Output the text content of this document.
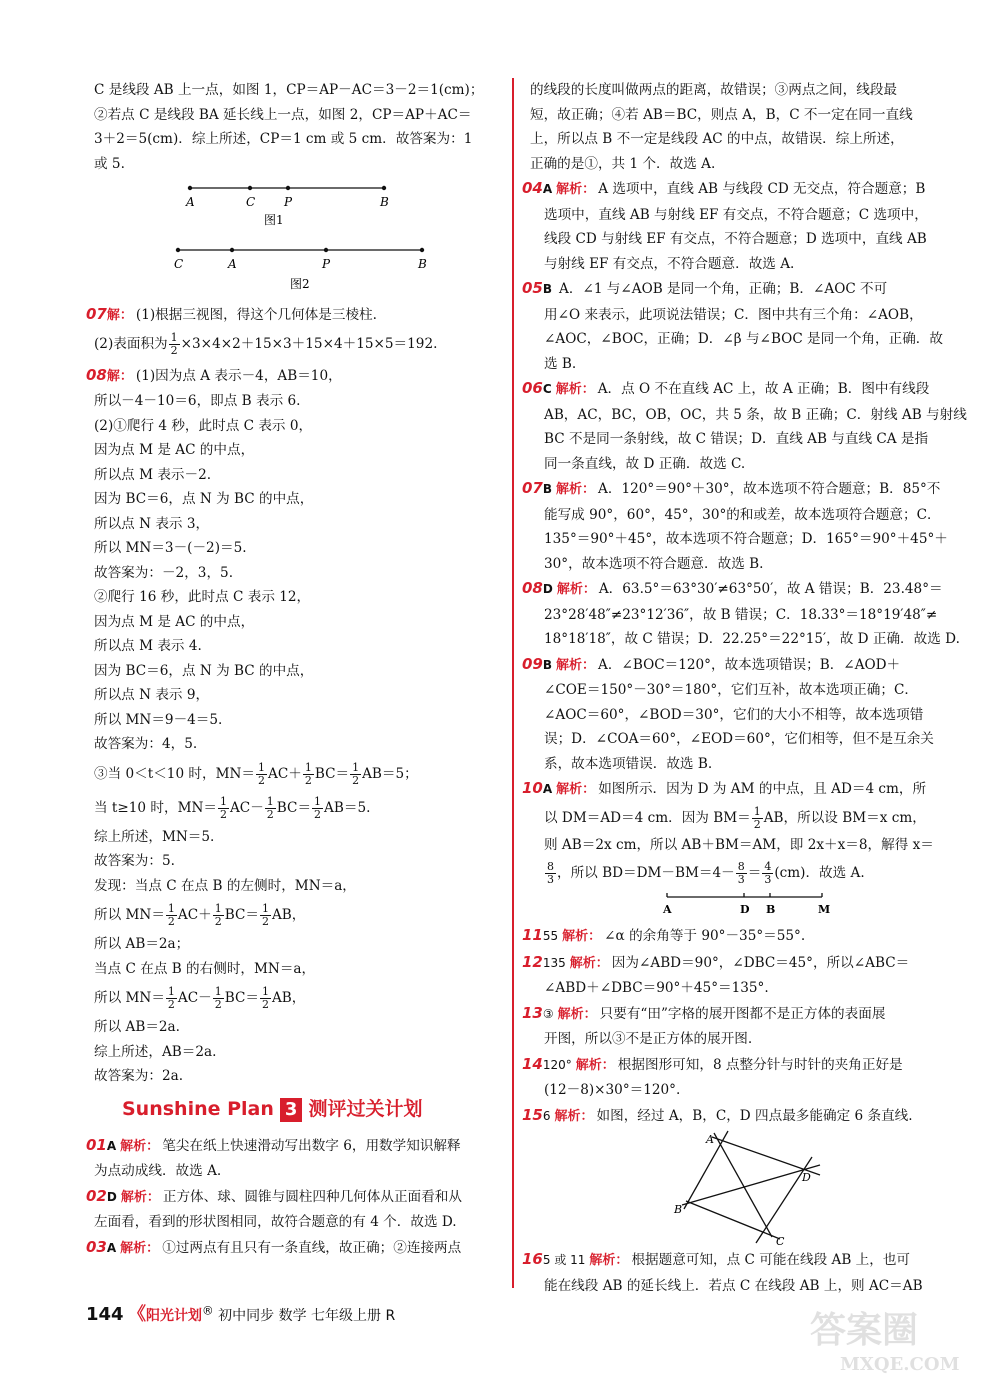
C 是线段 AB 上一点，如图 1，CP＝AP－AC＝3－2＝1(cm)；
②若点 C 是线段 BA 延长线上一点，如图 2，CP＝AP＋AC＝
3＋2＝5(cm)．综上所述，CP＝1 cm 或 5 cm．故答案为：1
或 5.
A	C P	B
图1
C	A	P	B
图2
07解： (1)根据三视图，得这个几何体是三棱柱.
(2)表面积为 $\frac{1}{2} \times 3\times 4\times 2+15\times 3+15\times 4+15\times 5=192$.
08解： (1)因为点 A 表示－4，AB＝10，
所以－4－10＝6，即点 B 表示 6.
(2)①爬行 4 秒，此时点 C 表示 0，
因为点 M 是 AC 的中点，
所以点 M 表示－2.
因为 BC＝6，点 N 为 BC 的中点，
所以点 N 表示 3，
所以 MN＝3－(－2)＝5.
故答案为：－2，3，5.
②爬行 16 秒，此时点 C 表示 12，
因为点 M 是 AC 的中点，
所以点 M 表示 4.
因为 BC＝6，点 N 为 BC 的中点，
所以点 N 表示 9，
所以 MN＝9－4＝5.
故答案为：4，5.
③当 0＜t＜10 时，$MN= \frac{1}{2} AC+ \frac{1}{2} BC= \frac{1}{2} AB=5$；
当 t≥10 时，$MN= \frac{1}{2} AC- \frac{1}{2} BC= \frac{1}{2} AB=5$.
综上所述，MN＝5.
故答案为：5.
发现：当点 C 在点 B 的左侧时，MN＝a，
所以 $MN= \frac{1}{2} AC+ \frac{1}{2} BC= \frac{1}{2}$ AB，
所以 AB＝2a；
当点 C 在点 B 的右侧时，MN＝a，
所以 $MN= \frac{1}{2} AC- \frac{1}{2} BC= \frac{1}{2}$ AB，
所以 AB＝2a.
综上所述，AB＝2a.
故答案为：2a.
Sunshine Plan 3 测评过关计划
01A 解析： 笔尖在纸上快速滑动写出数字 6，用数学知识解释
为点动成线．故选 A.
02D 解析： 正方体、球、圆锥与圆柱四种几何体从正面看和从
左面看，看到的形状图相同，故符合题意的有 4 个．故选 D.
03A 解析： ①过两点有且只有一条直线，故正确；②连接两点
的线段的长度叫做两点的距离，故错误；③两点之间，线段最
短，故正确；④若 AB＝BC，则点 A，B，C 不一定在同一直线
上，所以点 B 不一定是线段 AC 的中点，故错误．综上所述，
正确的是①，共 1 个．故选 A.
04A 解析： A 选项中，直线 AB 与线段 CD 无交点，符合题意；B
选项中，直线 AB 与射线 EF 有交点，不符合题意；C 选项中，
线段 CD 与射线 EF 有交点，不符合题意；D 选项中，直线 AB
与射线 EF 有交点，不符合题意．故选 A.
05B A．∠1 与∠AOB 是同一个角，正确；B．∠AOC 不可
用∠O 来表示，此项说法错误；C．图中共有三个角：∠AOB，
∠AOC，∠BOC，正确；D．∠β 与∠BOC 是同一个角，正确．故
选 B.
06C 解析： A．点 O 不在直线 AC 上，故 A 正确；B．图中有线段
AB，AC，BC，OB，OC，共 5 条，故 B 正确；C．射线 AB 与射线
BC 不是同一条射线，故 C 错误；D．直线 AB 与直线 CA 是指
同一条直线，故 D 正确．故选 C.
07B 解析： A．120°＝90°＋30°，故本选项不符合题意；B．85°不
能写成 90°，60°，45°，30°的和或差，故本选项符合题意；C．
135°＝90°＋45°，故本选项不符合题意；D．165°＝90°＋45°＋
30°，故本选项不符合题意．故选 B.
08D 解析： A．63.5°＝63°30′≠63°50′，故 A 错误；B．23.48°＝
23°28′48″≠23°12′36″，故 B 错误；C．18.33°＝18°19′48″≠
18°18′18″，故 C 错误；D．22.25°＝22°15′，故 D 正确．故选 D.
09B 解析： A．∠BOC＝120°，故本选项错误；B．∠AOD＋
∠COE＝150°－30°＝180°，它们互补，故本选项正确；C．
∠AOC＝60°，∠BOD＝30°，它们的大小不相等，故本选项错
误；D．∠COA＝60°，∠EOD＝60°，它们相等，但不是互余关
系，故本选项错误．故选 B.
10A 解析： 如图所示．因为 D 为 AM 的中点，且 AD＝4 cm，所
以 DM＝AD＝4 cm．因为 $BM= \frac{1}{2}$ AB，所以设 BM＝x cm，
则 AB＝2x cm，所以 AB＋BM＝AM，即 2x＋x＝8，解得 x＝
$\frac{8}{3}$ ，所以 $BD=DM-BM=4- \frac{8}{3} = \frac{4}{3} (cm)$．故选 A.
A	D B	M
1155 解析： ∠α 的余角等于 90°－35°＝55°.
12135 解析： 因为∠ABD＝90°，∠DBC＝45°，所以∠ABC＝
∠ABD＋∠DBC＝90°＋45°＝135°.
13③ 解析： 只要有“田”字格的展开图都不是正方体的表面展
开图，所以③不是正方体的展开图.
14120° 解析： 根据图形可知，8 点整分针与时针的夹角正好是
(12－8)×30°＝120°.
156 解析： 如图，经过 A，B，C，D 四点最多能确定 6 条直线.
A
B
C
D
165 或 11 解析： 根据题意可知，点 C 可能在线段 AB 上，也可
能在线段 AB 的延长线上．若点 C 在线段 AB 上，则 AC＝AB
144 《阳光计划® 初中同步 数学 七年级上册 R	答案圈
MXQE.COM
